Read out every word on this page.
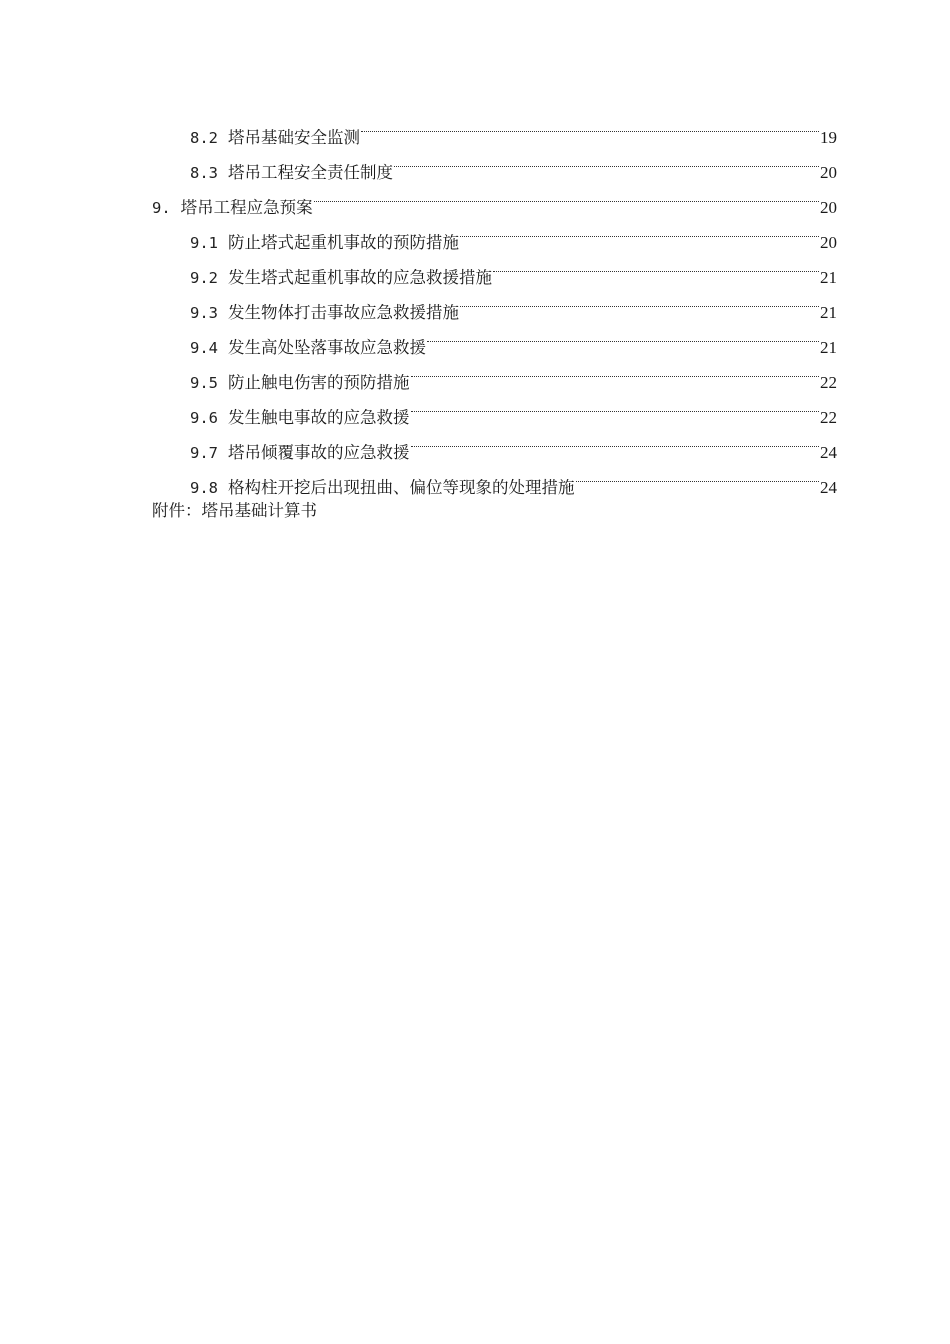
8.2 塔吊基础安全监测	19
8.3 塔吊工程安全责任制度	20
9. 塔吊工程应急预案	20
9.1 防止塔式起重机事故的预防措施	20
9.2 发生塔式起重机事故的应急救援措施	21
9.3 发生物体打击事故应急救援措施	21
9.4 发生高处坠落事故应急救援	21
9.5 防止触电伤害的预防措施	22
9.6 发生触电事故的应急救援	22
9.7 塔吊倾覆事故的应急救援	24
9.8 格构柱开挖后出现扭曲、偏位等现象的处理措施	24
附件：塔吊基础计算书
